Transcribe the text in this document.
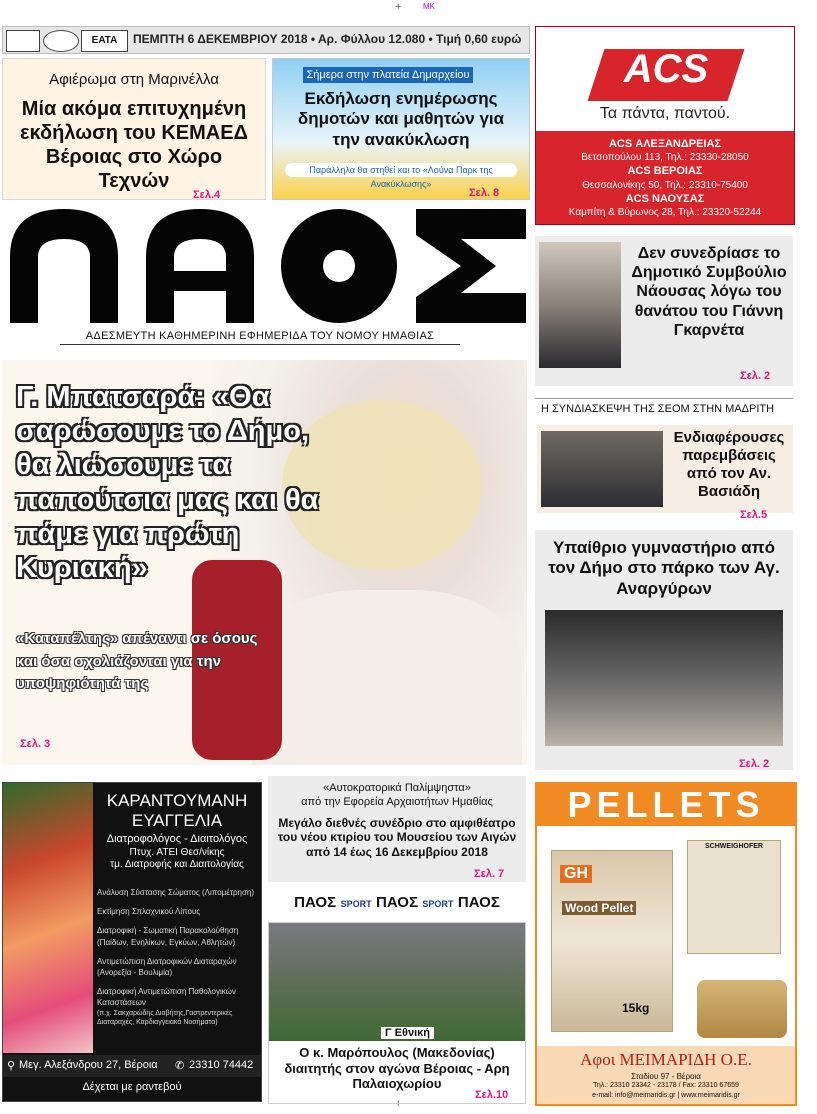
+	MK
+
ΕΑΤΑ	ΠΕΜΠΤΗ 6 ΔΕΚΕΜΒΡΙΟΥ 2018 • Αρ. Φύλλου 12.080 • Τιμή 0,60 ευρώ
Αφιέρωμα στη Μαρινέλλα
Μία ακόμα επιτυχημένη εκδήλωση του ΚΕΜΑΕΔ Βέροιας στο Χώρο Τεχνών
Σελ.4
Σήμερα στην πλατεία Δημαρχείου
Εκδήλωση ενημέρωσης δημοτών και μαθητών για την ανακύκλωση
Παράλληλα θα στηθεί και το «Λούνα Παρκ της Ανακύκλωσης»
Σελ. 8
ACS
Τα πάντα, παντού.
ACS ΑΛΕΞΑΝΔΡΕΙΑΣ
Βετσοπούλου 113, Τηλ.: 23330-28050
ACS ΒΕΡΟΙΑΣ
Θεσσαλονίκης 50, Τηλ.: 23310-75400
ACS ΝΑΟΥΣΑΣ
Καμπίτη & Βύρωνος 28, Τηλ.: 23320-52244
ΑΔΕΣΜΕΥΤΗ ΚΑΘΗΜΕΡΙΝΗ ΕΦΗΜΕΡΙΔΑ ΤΟΥ ΝΟΜΟΥ ΗΜΑΘΙΑΣ
Δεν συνεδρίασε το Δημοτικό Συμβούλιο Νάουσας λόγω του θανάτου του Γιάννη Γκαρνέτα
Σελ. 2
Η ΣΥΝΔΙΑΣΚΕΨΗ ΤΗΣ ΣΕΟΜ ΣΤΗΝ ΜΑΔΡΙΤΗ
Ενδιαφέρουσες παρεμβάσεις από τον Αν. Βασιάδη
Σελ.5
Υπαίθριο γυμναστήριο από τον Δήμο στο πάρκο των Αγ. Αναργύρων
Σελ. 2
Γ. Μπατσαρά: «Θα σαρώσουμε το Δήμο, θα λιώσουμε τα παπούτσια μας και θα πάμε για πρώτη Κυριακή»
«Καταπέλτης» απέναντι σε όσους και όσα σχολιάζονται για την υποψηφιότητά της
Σελ. 3
ΚΑΡΑΝΤΟΥΜΑΝΗ
ΕΥΑΓΓΕΛΙΑ
Διατροφολόγος - Διαιτολόγος
Πτυχ. ΑΤΕΙ Θεσ/νίκης
τμ. Διατροφής και Διαιτολογίας
Ανάλυση Σύστασης Σώματος (Λιπομέτρηση)
Εκτίμηση Σπλαχνικού Λίπους
Διατροφική - Σωματική Παρακολούθηση (Παίδων, Ενηλίκων, Εγκύων, Αθλητών)
Αντιμετώπιση Διατροφικών Διαταραχών (Ανορεξία - Βουλιμία)
Διατροφική Αντιμετώπιση Παθολογικών Καταστάσεων
(π.χ. Σακχαρώδης Διαβήτης,Γαστρεντερικές Διαταραχές, Καρδιαγγειακά Νοσήματα)
⚲ Μεγ. Αλεξάνδρου 27, Βέροια ✆ 23310 74442
Δέχεται με ραντεβού
«Αυτοκρατορικά Παλίμψηστα»
από την Εφορεία Αρχαιοτήτων Ημαθίας
Μεγάλο διεθνές συνέδριο στο αμφιθέατρο του νέου κτιρίου του Μουσείου των Αιγών από 14 έως 16 Δεκεμβρίου 2018
Σελ. 7
ΠΑΟΣ SPORT ΠΑΟΣ SPORT ΠΑΟΣ
Γ Εθνική
Ο κ. Μαρόπουλος (Μακεδονίας) διαιτητής στον αγώνα Βέροιας - Αρη Παλαιοχωρίου
Σελ.10
PELLETS
GH
Wood Pellet
15kg
SCHWEIGHOFER
Αφοι ΜΕΙΜΑΡΙΔΗ Ο.Ε.
Σταδίου 97 - Βέροια
Τηλ.: 23310 23342 - 23178 / Fax: 23310 67659
e-mail: info@meimaridis.gr | www.meimaridis.gr
